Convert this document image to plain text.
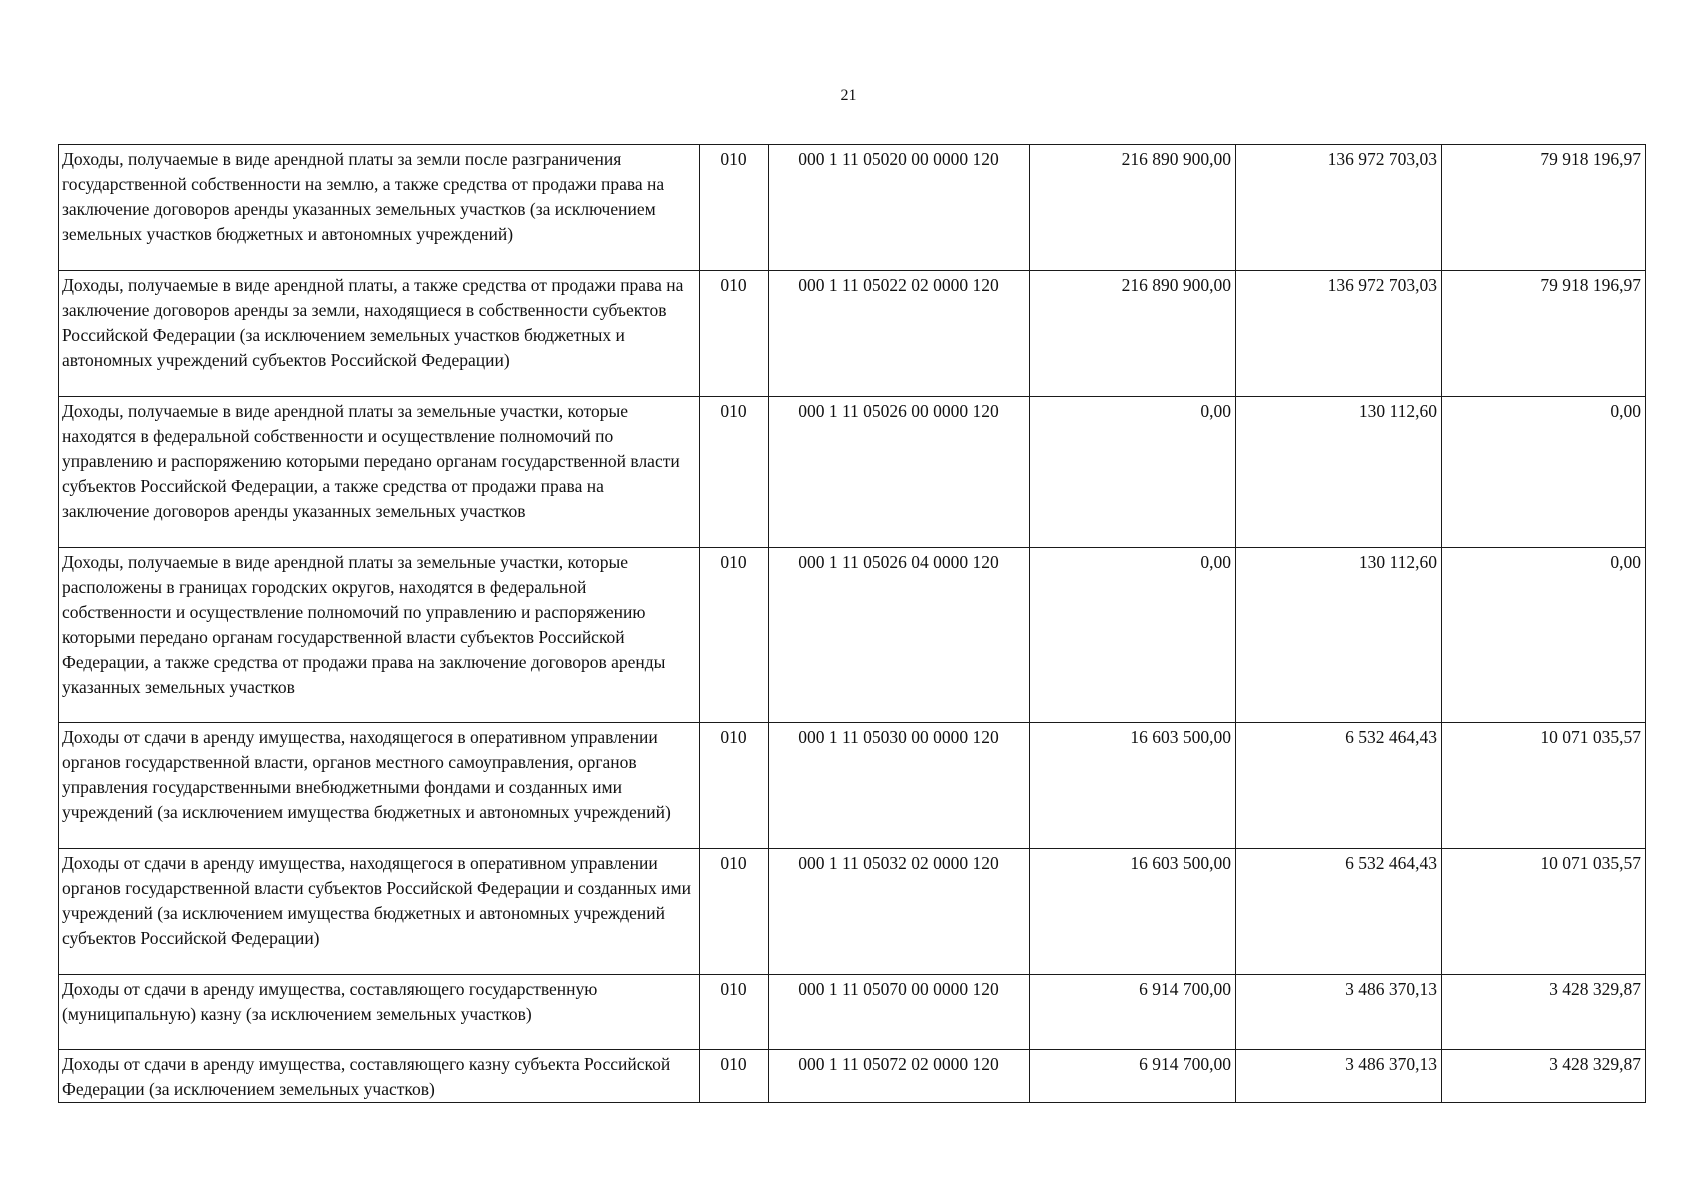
21
Доходы, получаемые в виде арендной платы за земли после разграничения государственной собственности на землю, а также средства от продажи права на заключение договоров аренды указанных земельных участков (за исключением земельных участков бюджетных и автономных учреждений)	010	000 1 11 05020 00 0000 120	216 890 900,00	136 972 703,03	79 918 196,97
Доходы, получаемые в виде арендной платы, а также средства от продажи права на заключение договоров аренды за земли, находящиеся в собственности субъектов Российской Федерации (за исключением земельных участков бюджетных и автономных учреждений субъектов Российской Федерации)	010	000 1 11 05022 02 0000 120	216 890 900,00	136 972 703,03	79 918 196,97
Доходы, получаемые в виде арендной платы за земельные участки, которые находятся в федеральной собственности и осуществление полномочий по управлению и распоряжению которыми передано органам государственной власти субъектов Российской Федерации, а также средства от продажи права на заключение договоров аренды указанных земельных участков	010	000 1 11 05026 00 0000 120	0,00	130 112,60	0,00
Доходы, получаемые в виде арендной платы за земельные участки, которые расположены в границах городских округов, находятся в федеральной собственности и осуществление полномочий по управлению и распоряжению которыми передано органам государственной власти субъектов Российской Федерации, а также средства от продажи права на заключение договоров аренды указанных земельных участков	010	000 1 11 05026 04 0000 120	0,00	130 112,60	0,00
Доходы от сдачи в аренду имущества, находящегося в оперативном управлении органов государственной власти, органов местного самоуправления, органов управления государственными внебюджетными фондами и созданных ими учреждений (за исключением имущества бюджетных и автономных учреждений)	010	000 1 11 05030 00 0000 120	16 603 500,00	6 532 464,43	10 071 035,57
Доходы от сдачи в аренду имущества, находящегося в оперативном управлении органов государственной власти субъектов Российской Федерации и созданных ими учреждений (за исключением имущества бюджетных и автономных учреждений субъектов Российской Федерации)	010	000 1 11 05032 02 0000 120	16 603 500,00	6 532 464,43	10 071 035,57
Доходы от сдачи в аренду имущества, составляющего государственную (муниципальную) казну (за исключением земельных участков)	010	000 1 11 05070 00 0000 120	6 914 700,00	3 486 370,13	3 428 329,87
Доходы от сдачи в аренду имущества, составляющего казну субъекта Российской Федерации (за исключением земельных участков)	010	000 1 11 05072 02 0000 120	6 914 700,00	3 486 370,13	3 428 329,87
